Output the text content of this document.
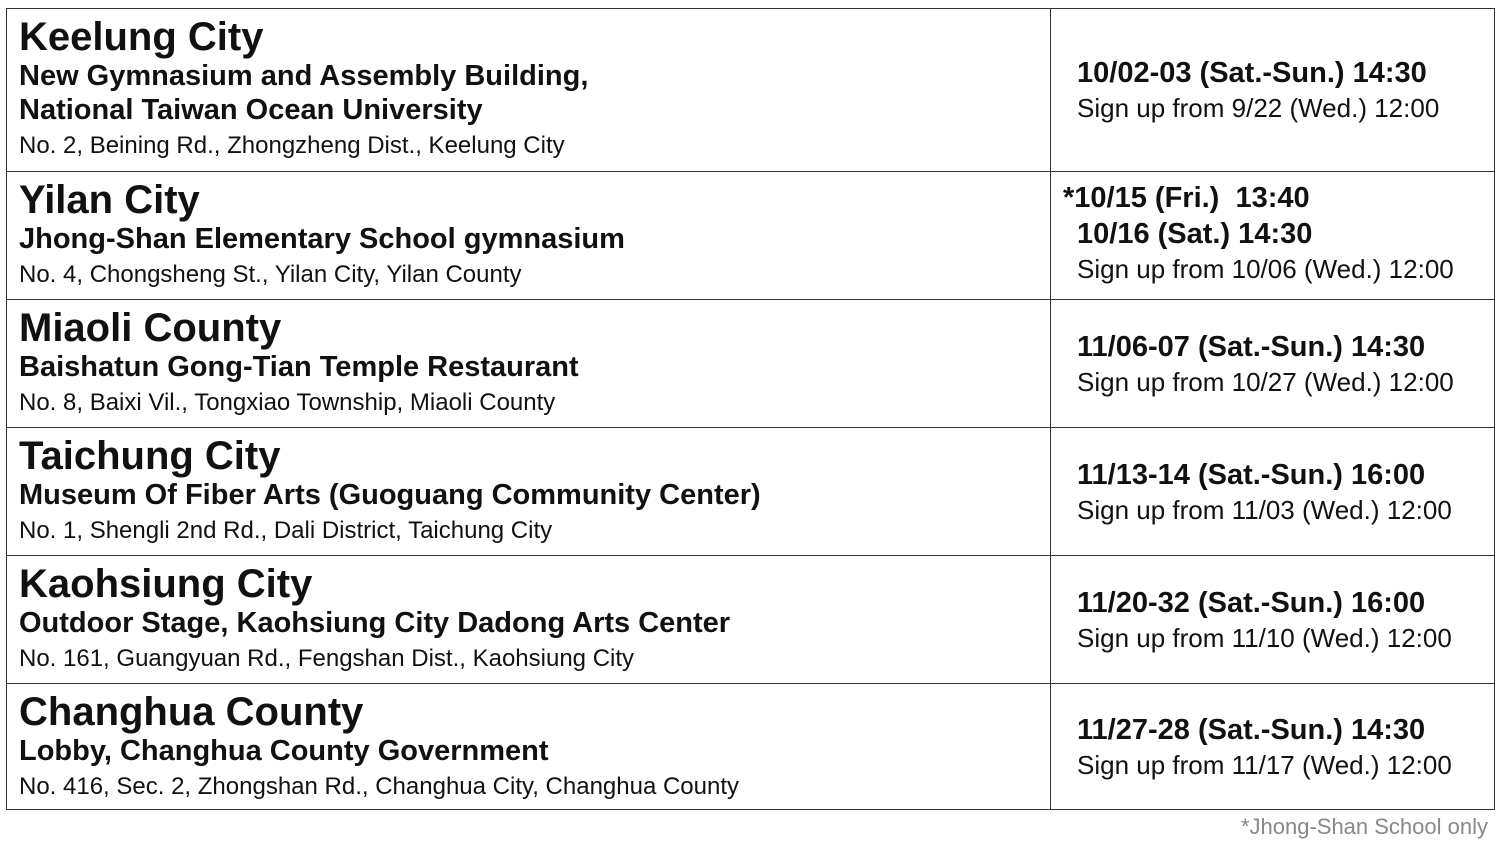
Keelung City
New Gymnasium and Assembly Building,
National Taiwan Ocean University
No. 2, Beining Rd., Zhongzheng Dist., Keelung City
10/02-03 (Sat.-Sun.) 14:30
Sign up from 9/22 (Wed.) 12:00
Yilan City
Jhong-Shan Elementary School gymnasium
No. 4, Chongsheng St., Yilan City, Yilan County
*10/15 (Fri.)  13:40
10/16 (Sat.) 14:30
Sign up from 10/06 (Wed.) 12:00
Miaoli County
Baishatun Gong-Tian Temple Restaurant
No. 8, Baixi Vil., Tongxiao Township, Miaoli County
11/06-07 (Sat.-Sun.) 14:30
Sign up from 10/27 (Wed.) 12:00
Taichung City
Museum Of Fiber Arts (Guoguang Community Center)
No. 1, Shengli 2nd Rd., Dali District, Taichung City
11/13-14 (Sat.-Sun.) 16:00
Sign up from 11/03 (Wed.) 12:00
Kaohsiung City
Outdoor Stage, Kaohsiung City Dadong Arts Center
No. 161, Guangyuan Rd., Fengshan Dist., Kaohsiung City
11/20-32 (Sat.-Sun.) 16:00
Sign up from 11/10 (Wed.) 12:00
Changhua County
Lobby, Changhua County Government
No. 416, Sec. 2, Zhongshan Rd., Changhua City, Changhua County
11/27-28 (Sat.-Sun.) 14:30
Sign up from 11/17 (Wed.) 12:00
*Jhong-Shan School only
